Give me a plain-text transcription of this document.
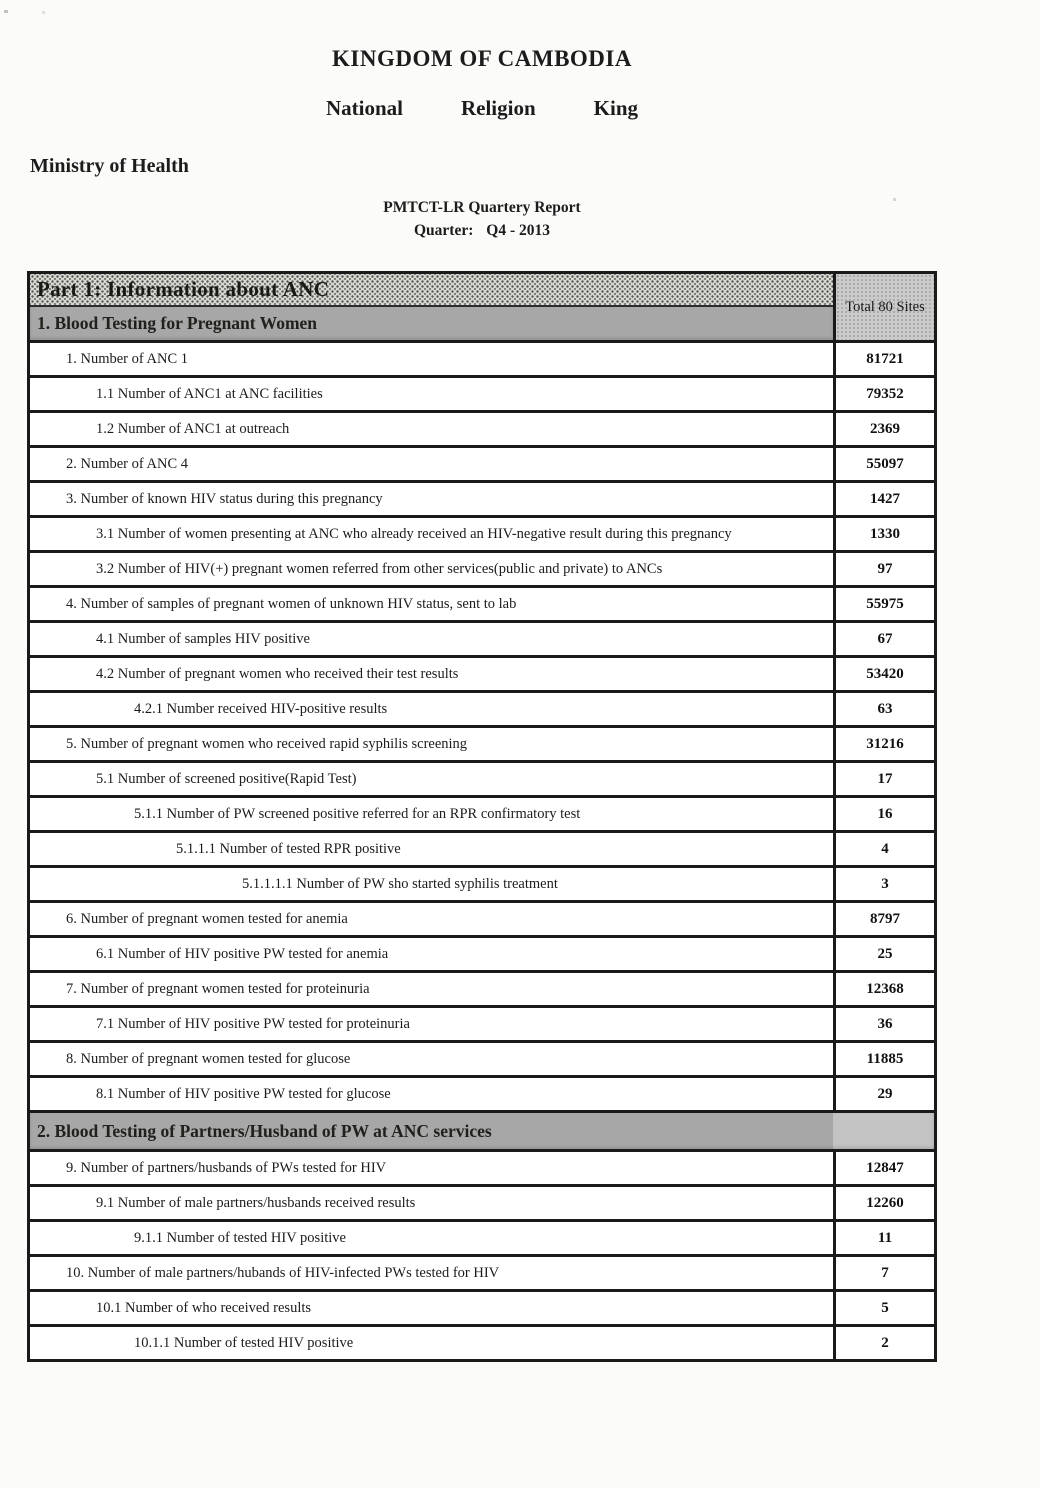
KINGDOM OF CAMBODIA
National	Religion	King
Ministry of Health
PMTCT-LR Quartery Report
Quarter: Q4 - 2013
Part 1: Information about ANC
1. Blood Testing for Pregnant Women
Total 80 Sites
1. Number of ANC 1	81721
1.1 Number of ANC1 at ANC facilities	79352
1.2 Number of ANC1 at outreach	2369
2. Number of ANC 4	55097
3. Number of known HIV status during this pregnancy	1427
3.1 Number of women presenting at ANC who already received an HIV-negative result during this pregnancy	1330
3.2 Number of HIV(+) pregnant women referred from other services(public and private) to ANCs	97
4. Number of samples of pregnant women of unknown HIV status, sent to lab	55975
4.1 Number of samples HIV positive	67
4.2 Number of pregnant women who received their test results	53420
4.2.1 Number received HIV-positive results	63
5. Number of pregnant women who received rapid syphilis screening	31216
5.1 Number of screened positive(Rapid Test)	17
5.1.1 Number of PW screened positive referred for an RPR confirmatory test	16
5.1.1.1 Number of tested RPR positive	4
5.1.1.1.1 Number of PW sho started syphilis treatment	3
6. Number of pregnant women tested for anemia	8797
6.1 Number of HIV positive PW tested for anemia	25
7. Number of pregnant women tested for proteinuria	12368
7.1 Number of HIV positive PW tested for proteinuria	36
8. Number of pregnant women tested for glucose	11885
8.1 Number of HIV positive PW tested for glucose	29
2. Blood Testing of Partners/Husband of PW at ANC services
9. Number of partners/husbands of PWs tested for HIV	12847
9.1 Number of male partners/husbands received results	12260
9.1.1 Number of tested HIV positive	11
10. Number of male partners/hubands of HIV-infected PWs tested for HIV	7
10.1 Number of who received results	5
10.1.1 Number of tested HIV positive	2
